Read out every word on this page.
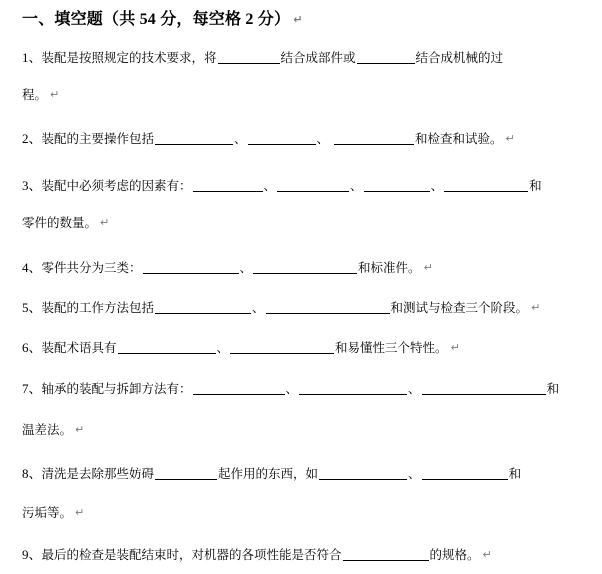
一、填空题（共 54 分，每空格 2 分） ↵
1、装配是按照规定的技术要求，将	结合成部件或	结合成机械的过
程。 ↵
2、装配的主要操作包括	、	、	和检查和试验。 ↵
3、装配中必须考虑的因素有：	、	、	、	和
零件的数量。 ↵
4、零件共分为三类：	、	和标准件。 ↵
5、装配的工作方法包括	、	和测试与检查三个阶段。 ↵
6、装配术语具有	、	和易懂性三个特性。 ↵
7、轴承的装配与拆卸方法有：	、	、	和
温差法。 ↵
8、清洗是去除那些妨碍	起作用的东西，如	、	和
污垢等。 ↵
9、最后的检查是装配结束时，对机器的各项性能是否符合	的规格。 ↵
